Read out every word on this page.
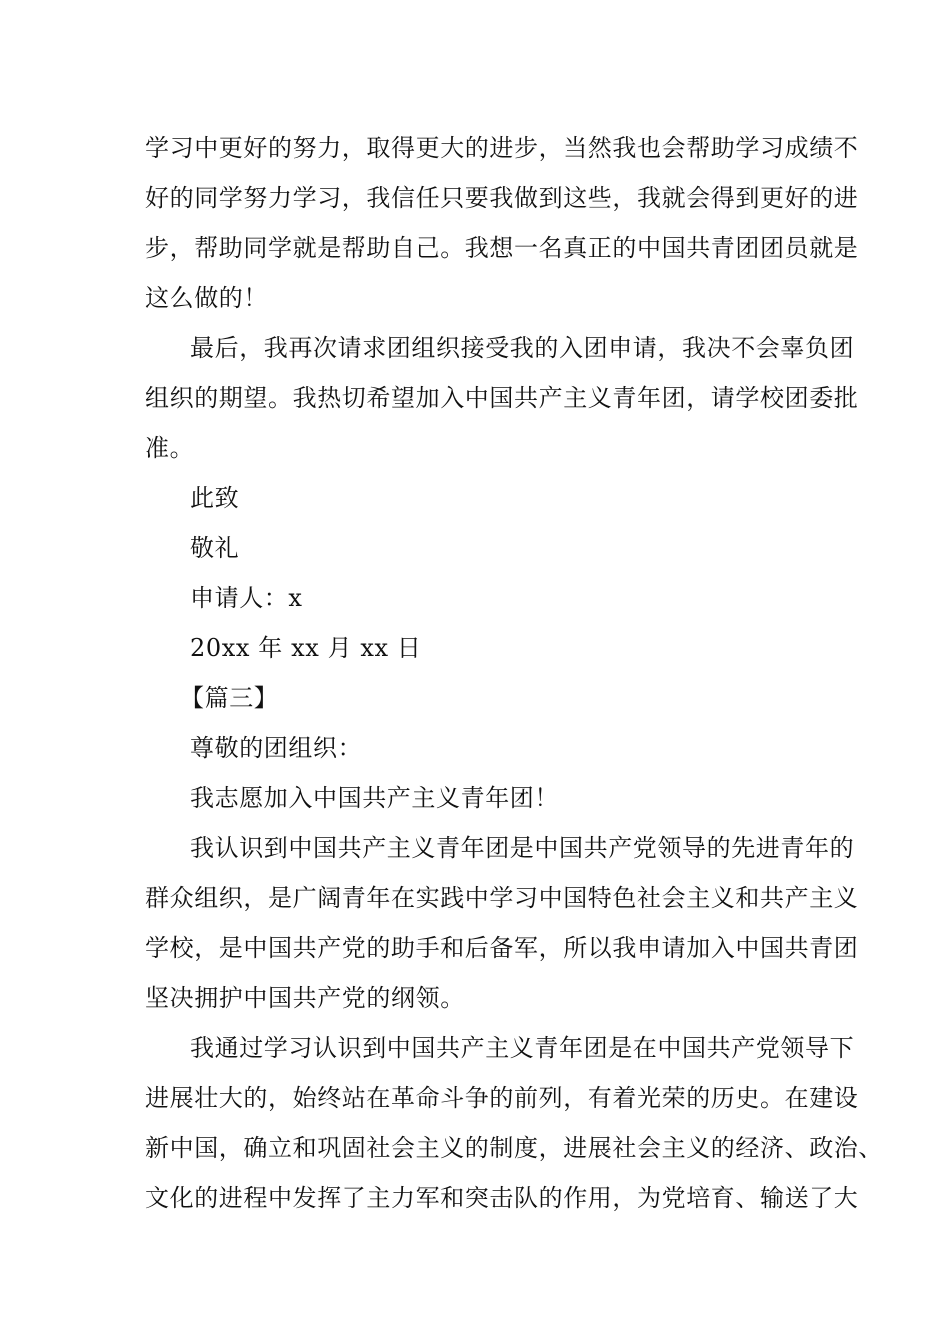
学习中更好的努力，取得更大的进步，当然我也会帮助学习成绩不
好的同学努力学习，我信任只要我做到这些，我就会得到更好的进
步，帮助同学就是帮助自己。我想一名真正的中国共青团团员就是
这么做的！
最后，我再次请求团组织接受我的入团申请，我决不会辜负团
组织的期望。我热切希望加入中国共产主义青年团，请学校团委批
准。
此致
敬礼
申请人：x
20xx 年 xx 月 xx 日
【篇三】
尊敬的团组织：
我志愿加入中国共产主义青年团！
我认识到中国共产主义青年团是中国共产党领导的先进青年的
群众组织，是广阔青年在实践中学习中国特色社会主义和共产主义
学校，是中国共产党的助手和后备军，所以我申请加入中国共青团
坚决拥护中国共产党的纲领。
我通过学习认识到中国共产主义青年团是在中国共产党领导下
进展壮大的，始终站在革命斗争的前列，有着光荣的历史。在建设
新中国，确立和巩固社会主义的制度，进展社会主义的经济、政治、
文化的进程中发挥了主力军和突击队的作用，为党培育、输送了大
